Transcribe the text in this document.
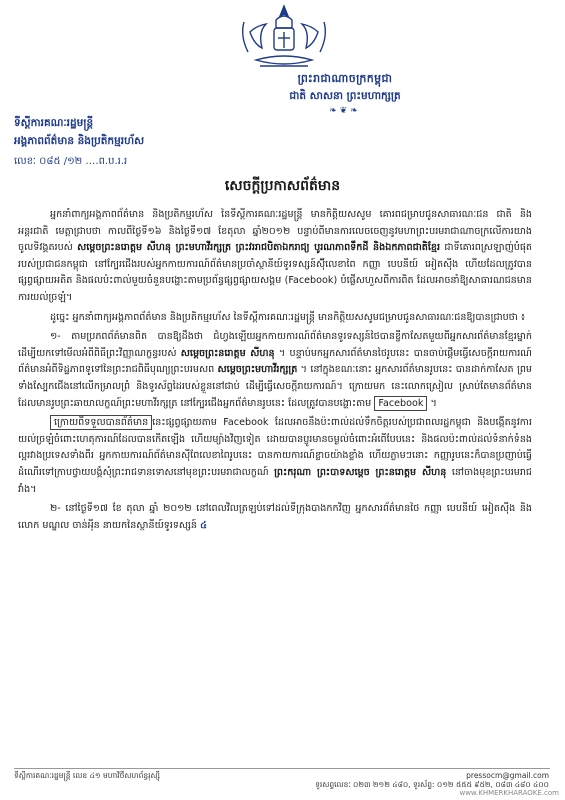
ព្រះរាជាណាចក្រកម្ពុជា
ជាតិ សាសនា ព្រះមហាក្សត្រ
❧❦❧
ទីស្តីការគណៈរដ្ឋមន្ត្រី
អង្គភាពព័ត៌មាន និងប្រតិកម្មរហ័ស
លេខៈ ០៨៥ /១២ ….ព.ប.រ.រ
សេចក្តីប្រកាសព័ត៌មាន

អ្នកនាំពាក្យអង្គភាពព័ត៌មាន និងប្រតិកម្មរហ័ស នៃទីស្តីការគណៈរដ្ឋមន្ត្រី មានកិត្តិយសសូម គោរពជម្រាបជូនសាធារណៈជន ជាតិ និងអន្តរជាតិ មេត្តាជ្រាបថា កាលពីថ្ងៃទី១៦ និងថ្ងៃទី១៧ ខែតុលា ឆ្នាំ២០១២ បន្ទាប់ពីមានការលេចចេញនូវមហាព្រះបរមរាជាណាចក្រលើការយាងចូលទិវង្គតរបស់ សម្តេចព្រះនរោត្តម សីហនុ ព្រះមហាវីរក្សត្រ ព្រះវររាជបិតាឯករាជ្យ បូរណភាពទឹកដី និងឯកភាពជាតិខ្មែរ ជាទីគោរពស្រឡាញ់បំផុតរបស់ប្រជាជនកម្ពុជា នៅក្បែរជើងរបស់អ្នកកាយការណ៍ព័ត៌មានប្រចាំស្ថានីយ៍ទូរទស្សន៍ស៊ុីលេខាពៃ កញ្ញា បេបនីយ៍ អៀតស៊ីង ហើយដែលត្រូវបានផ្សព្វផ្សាយអតិត និងផលប៉ះពាល់មួយចំនួនបង្ហោះតាមប្រព័ន្ធផ្សព្វផ្សាយសង្គម (Facebook) បំផ្លើសហួសពីការពិត ដែលអាចនាំឱ្យសាធារណជនមានការយល់ច្រឡំ។

ដូច្នេះ អ្នកនាំពាក្យអង្គភាពព័ត៌មាន និងប្រតិកម្មរហ័ស នៃទីស្តីការគណៈរដ្ឋមន្ត្រី មានកិត្តិយសសូមជម្រាបជូនសាធារណៈជនឱ្យបានជ្រាបថា ៖

១- តាមប្រភពព័ត៌មានពិត បានឱ្យដឹងថា ជំហ្វងឡើយអ្នកកាយការណ៍ព័ត៌មានទូរទស្សន៍ថៃបានខ្ចីកាសែតមួយពីអ្នកសារព័ត៌មានខ្មែរម្នាក់ ដើម្បីយកទៅមើលអំពីពិធីព្រះវិញ្ញាណក្ខន្ធរបស់ សម្តេចព្រះនរោត្តម សីហនុ ។ បន្ទាប់មកអ្នកសារព័ត៌មានថៃរូបនេះ បានចាប់ផ្តើមធ្វើសេចក្តីរាយការណ៍ព័ត៌មានអំពីទិដ្ឋភាពទូទៅនៃព្រះរាជពិធីបុណ្យព្រះបរមសព សម្តេចព្រះមហាវីរក្សត្រ ។ នៅក្នុងខណៈនោះ អ្នកសារព័ត៌មានរូបនេះ បានដាក់កាសែត ព្រមទាំងស្បែកជើងនៅលើកម្រាលព្រំ និងទូរស័ព្ទដៃរបស់ខ្លួននៅជាប់ ដើម្បីធ្វើសេចក្តីរាយការណ៍។ ក្រោយមក នេះលោកស្រៀល ស្រាប់តែមានព័ត៌មានដែលមានរូបព្រះឆាយាលក្ខណ៍ព្រះមហាវីរក្សត្រ នៅក្បែរជើងអ្នកព័ត៌មានរូបនេះ ដែលត្រូវបានបង្ហោះតាម Facebook ។

ក្រោយពីទទួលបានព័ត៌មាន នេះផ្សព្វផ្សាយតាម Facebook ដែលអាចនឹងប៉ះពាល់ដល់ទឹកចិត្តរបស់ប្រជាពលរដ្ឋកម្ពុជា និងបង្កើតនូវការយល់ច្រឡំចំពោះហេតុការណ៍ដែលបានកើតឡើង ហើយម្យ៉ាងវិញទៀត ដោយបានប្ញូរមានចម្ងល់ចំពោះអំពើបែបនេះ និងផលប៉ះពាល់ដល់ទំនាក់ទំនងល្អរវាងប្រទេសទាំងពីរ អ្នកកាយការណ៍ព័ត៌មានស៊ីពែលេខាពៃរូបនេះ បានកាយការណ៍ខ្លាចយ៉ាងខ្លាំង ហើយភ្លាមៗនោះ កញ្ញារូបនេះក៏បានប្រញាប់ធ្វើដំណើរទៅក្រាបថ្វាយបង្គំសុំព្រះរាជទានទោសនៅមុខព្រះបរមរាជាលក្ខណ៍ ព្រះករុណា ព្រះបាទសម្តេច ព្រះនរោត្តម សីហនុ នៅចាងមុខព្រះបរមរាជវាំង។

២- នៅថ្ងៃទី១៧ ខែ តុលា ឆ្នាំ ២០១២ នៅពេលវិលត្រឡប់ទៅដល់ទីក្រុងបាងកកវិញ អ្នកសារព័ត៌មានថៃ កញ្ញា បេបនីយ៍ អៀតស៊ីង និងលោក មណ្ឌល ចាន់អុីន នាយកនៃស្ថានីយ៍ទូរទស្សន៍ ៤

ទីស្តីការគណៈរដ្ឋមន្ត្រី លេខ ៤១ មហាវិថីសហព័ន្ធរុស្ស៊ី	pressocm@gmail.com
ទូរសព្ទលេខៈ ០២៣ ២១២ ៤៨០, ទូរស័ព្ទ: ០១២ ៥៥៥ ៩៥២, ០៨៣ ៤៨០ ៤០០
www.KHMERKHARAOKE.com
